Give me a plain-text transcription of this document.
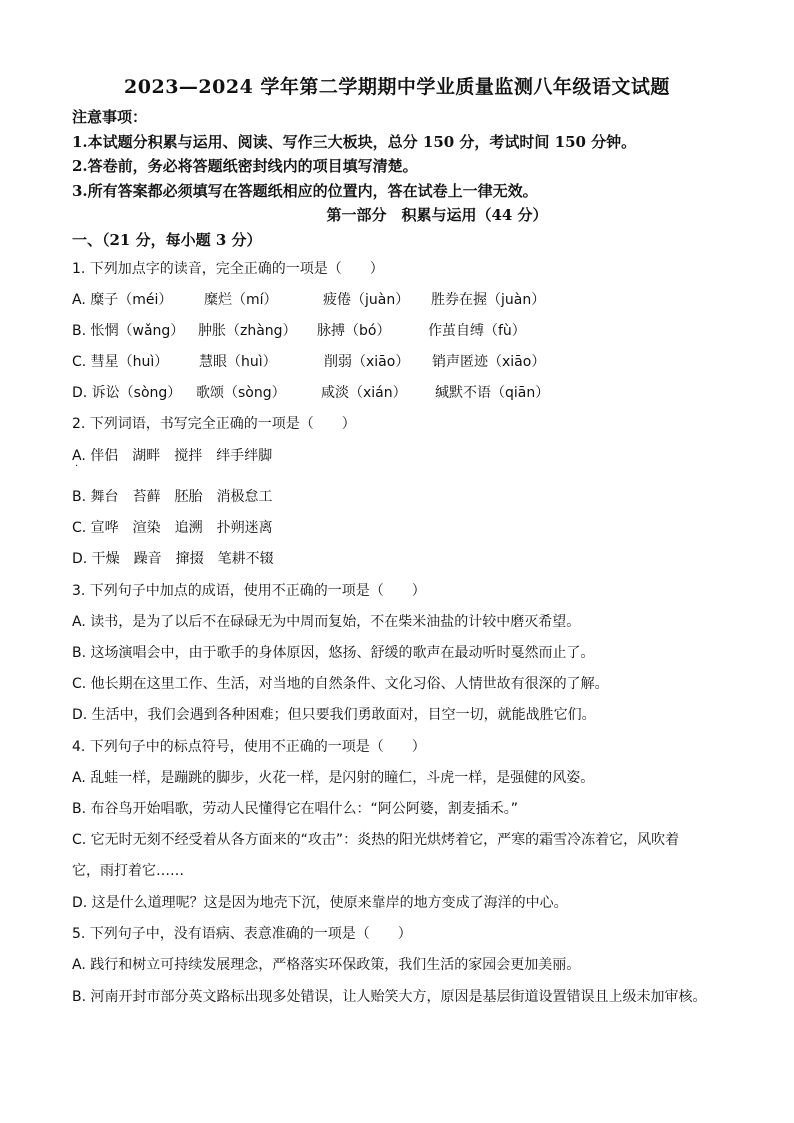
2023—2024 学年第二学期期中学业质量监测八年级语文试题
注意事项：
1.本试题分积累与运用、阅读、写作三大板块，总分 150 分，考试时间 150 分钟。
2.答卷前，务必将答题纸密封线内的项目填写清楚。
3.所有答案都必须填写在答题纸相应的位置内，答在试卷上一律无效。
第一部分　积累与运用（44 分）
一、（21 分，每小题 3 分）
1. 下列加点字的读音，完全正确的一项是（　　）
A. 糜子（méi） 糜烂（mí）	疲倦（juàn） 胜券在握（juàn）
B. 怅惘（wǎng） 肿胀（zhàng） 脉搏（bó）	作茧自缚（fù）
C. 彗星（huì） 慧眼（huì）	削弱（xiāo） 销声匿迹（xiāo）
D. 诉讼（sòng） 歌颂（sòng）	咸淡（xián） 缄默不语（qiān）
2. 下列词语，书写完全正确的一项是（　　）
A. 伴侣　湖畔　搅拌　绊手绊脚
·
B. 舞台　苔藓　胚胎　消极怠工
C. 宣哗　渲染　追溯　扑朔迷离
D. 干燥　躁音　撺掇　笔耕不辍
3. 下列句子中加点的成语，使用不正确的一项是（　　）
A. 读书，是为了以后不在碌碌无为中周而复始，不在柴米油盐的计较中磨灭希望。
B. 这场演唱会中，由于歌手的身体原因，悠扬、舒缓的歌声在最动听时戛然而止了。
C. 他长期在这里工作、生活，对当地的自然条件、文化习俗、人情世故有很深的了解。
D. 生活中，我们会遇到各种困难；但只要我们勇敢面对，目空一切，就能战胜它们。
4. 下列句子中的标点符号，使用不正确的一项是（　　）
A. 乱蛙一样，是蹦跳的脚步，火花一样，是闪射的瞳仁，斗虎一样，是强健的风姿。
B. 布谷鸟开始唱歌，劳动人民懂得它在唱什么：“阿公阿婆，割麦插禾。”
C. 它无时无刻不经受着从各方面来的“攻击”：炎热的阳光烘烤着它，严寒的霜雪冷冻着它，风吹着
它，雨打着它……
D. 这是什么道理呢？这是因为地壳下沉，使原来靠岸的地方变成了海洋的中心。
5. 下列句子中，没有语病、表意准确的一项是（　　）
A. 践行和树立可持续发展理念，严格落实环保政策，我们生活的家园会更加美丽。
B. 河南开封市部分英文路标出现多处错误，让人贻笑大方，原因是基层街道设置错误且上级未加审核。
